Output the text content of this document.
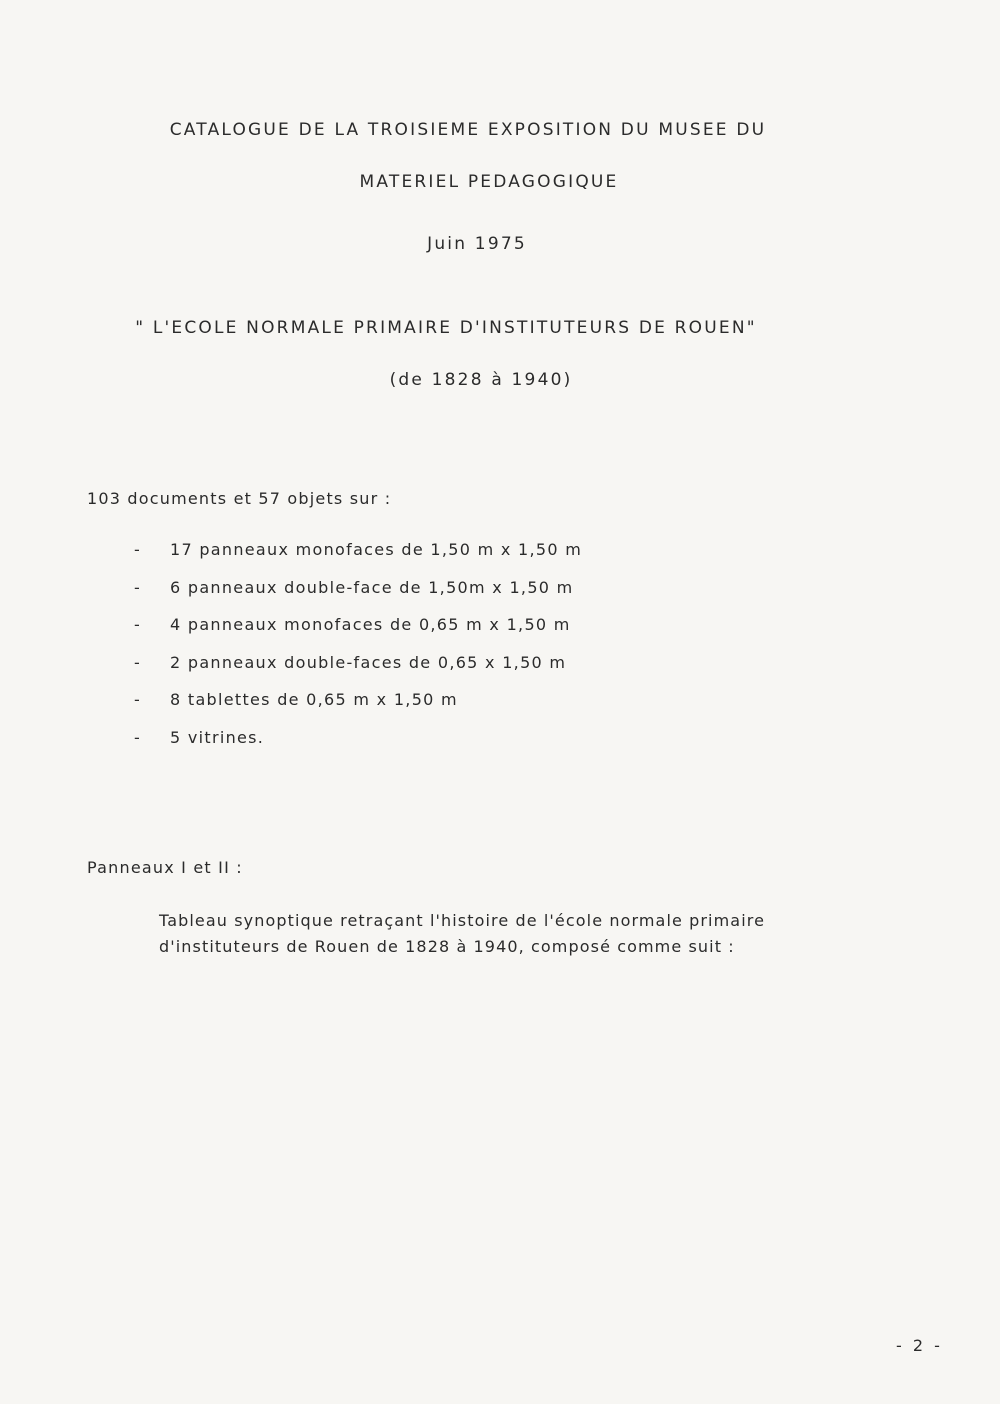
CATALOGUE DE LA TROISIEME EXPOSITION DU MUSEE DU
MATERIEL PEDAGOGIQUE
Juin 1975
" L'ECOLE NORMALE PRIMAIRE D'INSTITUTEURS DE ROUEN"
(de 1828 à 1940)
103 documents et 57 objets sur :
-	17 panneaux monofaces de 1,50 m x 1,50 m
-	6 panneaux double-face de 1,50m x 1,50 m
-	4 panneaux monofaces de 0,65 m x 1,50 m
-	2 panneaux double-faces de 0,65 x 1,50 m
-	8 tablettes de 0,65 m x 1,50 m
-	5 vitrines.
Panneaux I et II :
Tableau synoptique retraçant l'histoire de l'école normale primaire d'instituteurs de Rouen de 1828 à 1940, composé comme suit :
- 2 -
